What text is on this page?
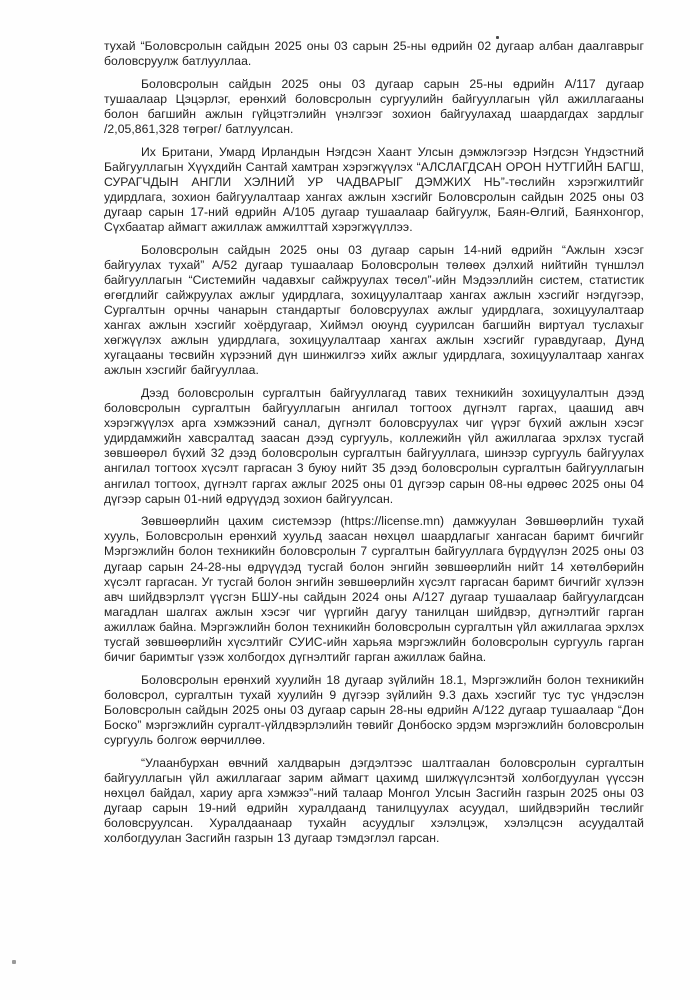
тухай “Боловсролын сайдын 2025 оны 03 сарын 25-ны өдрийн 02 дугаар албан даалгаврыг боловсруулж батлууллаа.

Боловсролын сайдын 2025 оны 03 дугаар сарын 25-ны өдрийн А/117 дугаар тушаалаар Цэцэрлэг, ерөнхий боловсролын сургуулийн байгууллагын үйл ажиллагааны болон багшийн ажлын гүйцэтгэлийн үнэлгээг зохион байгуулахад шаардагдах зардлыг /2,05,861,328 төгрөг/ батлуулсан.

Их Британи, Умард Ирландын Нэгдсэн Хаант Улсын дэмжлэгээр Нэгдсэн Үндэстний Байгууллагын Хүүхдийн Сантай хамтран хэрэгжүүлэх “АЛСЛАГДСАН ОРОН НУТГИЙН БАГШ, СУРАГЧДЫН АНГЛИ ХЭЛНИЙ УР ЧАДВАРЫГ ДЭМЖИХ НЬ”-төслийн хэрэгжилтийг удирдлага, зохион байгуулалтаар хангах ажлын хэсгийг Боловсролын сайдын 2025 оны 03 дугаар сарын 17-ний өдрийн А/105 дугаар тушаалаар байгуулж, Баян-Өлгий, Баянхонгор, Сүхбаатар аймагт ажиллаж амжилттай хэрэгжүүллээ.

Боловсролын сайдын 2025 оны 03 дугаар сарын 14-ний өдрийн “Ажлын хэсэг байгуулах тухай” А/52 дугаар тушаалаар Боловсролын төлөөх дэлхий нийтийн түншлэл байгууллагын “Системийн чадавхыг сайжруулах төсөл”-ийн Мэдээллийн систем, статистик өгөгдлийг сайжруулах ажлыг удирдлага, зохицуулалтаар хангах ажлын хэсгийг нэгдүгээр, Сургалтын орчны чанарын стандартыг боловсруулах ажлыг удирдлага, зохицуулалтаар хангах ажлын хэсгийг хоёрдугаар, Хиймэл оюунд суурилсан багшийн виртуал туслахыг хөгжүүлэх ажлын удирдлага, зохицуулалтаар хангах ажлын хэсгийг гуравдугаар, Дунд хугацааны төсвийн хүрээний дүн шинжилгээ хийх ажлыг удирдлага, зохицуулалтаар хангах ажлын хэсгийг байгууллаа.

Дээд боловсролын сургалтын байгууллагад тавих техникийн зохицуулалтын дээд боловсролын сургалтын байгууллагын ангилал тогтоох дүгнэлт гаргах, цаашид авч хэрэгжүүлэх арга хэмжээний санал, дүгнэлт боловсруулах чиг үүрэг бүхий ажлын хэсэг удирдамжийн хавсралтад заасан дээд сургууль, коллежийн үйл ажиллагаа эрхлэх тусгай зөвшөөрөл бүхий 32 дээд боловсролын сургалтын байгууллага, шинээр сургууль байгуулах ангилал тогтоох хүсэлт гаргасан 3 буюу нийт 35 дээд боловсролын сургалтын байгууллагын ангилал тогтоох, дүгнэлт гаргах ажлыг 2025 оны 01 дүгээр сарын 08-ны өдрөөс 2025 оны 04 дүгээр сарын 01-ний өдрүүдэд зохион байгуулсан.

Зөвшөөрлийн цахим системээр (https://license.mn) дамжуулан Зөвшөөрлийн тухай хууль, Боловсролын ерөнхий хуульд заасан нөхцөл шаардлагыг хангасан баримт бичгийг Мэргэжлийн болон техникийн боловсролын 7 сургалтын байгууллага бүрдүүлэн 2025 оны 03 дугаар сарын 24-28-ны өдрүүдэд тусгай болон энгийн зөвшөөрлийн нийт 14 хөтөлбөрийн хүсэлт гаргасан. Уг тусгай болон энгийн зөвшөөрлийн хүсэлт гаргасан баримт бичгийг хүлээн авч шийдвэрлэлт үүсгэн БШУ-ны сайдын 2024 оны А/127 дугаар тушаалаар байгуулагдсан магадлан шалгах ажлын хэсэг чиг үүргийн дагуу танилцан шийдвэр, дүгнэлтийг гарган ажиллаж байна. Мэргэжлийн болон техникийн боловсролын сургалтын үйл ажиллагаа эрхлэх тусгай зөвшөөрлийн хүсэлтийг СУИС-ийн харьяа мэргэжлийн боловсролын сургууль гарган бичиг баримтыг үзэж холбогдох дүгнэлтийг гарган ажиллаж байна.

Боловсролын ерөнхий хуулийн 18 дугаар зүйлийн 18.1, Мэргэжлийн болон техникийн боловсрол, сургалтын тухай хуулийн 9 дүгээр зүйлийн 9.3 дахь хэсгийг тус тус үндэслэн Боловсролын сайдын 2025 оны 03 дугаар сарын 28-ны өдрийн А/122 дугаар тушаалаар “Дон Боско” мэргэжлийн сургалт-үйлдвэрлэлийн төвийг Донбоско эрдэм мэргэжлийн боловсролын сургууль болгож өөрчиллөө.

“Улаанбурхан өвчний халдварын дэгдэлтээс шалтгаалан боловсролын сургалтын байгууллагын үйл ажиллагааг зарим аймагт цахимд шилжүүлсэнтэй холбогдуулан үүссэн нөхцөл байдал, хариу арга хэмжээ”-ний талаар Монгол Улсын Засгийн газрын 2025 оны 03 дугаар сарын 19-ний өдрийн хуралдаанд танилцуулах асуудал, шийдвэрийн төслийг боловсруулсан. Хуралдаанаар тухайн асуудлыг хэлэлцэж, хэлэлцсэн асуудалтай холбогдуулан Засгийн газрын 13 дугаар тэмдэглэл гарсан.
